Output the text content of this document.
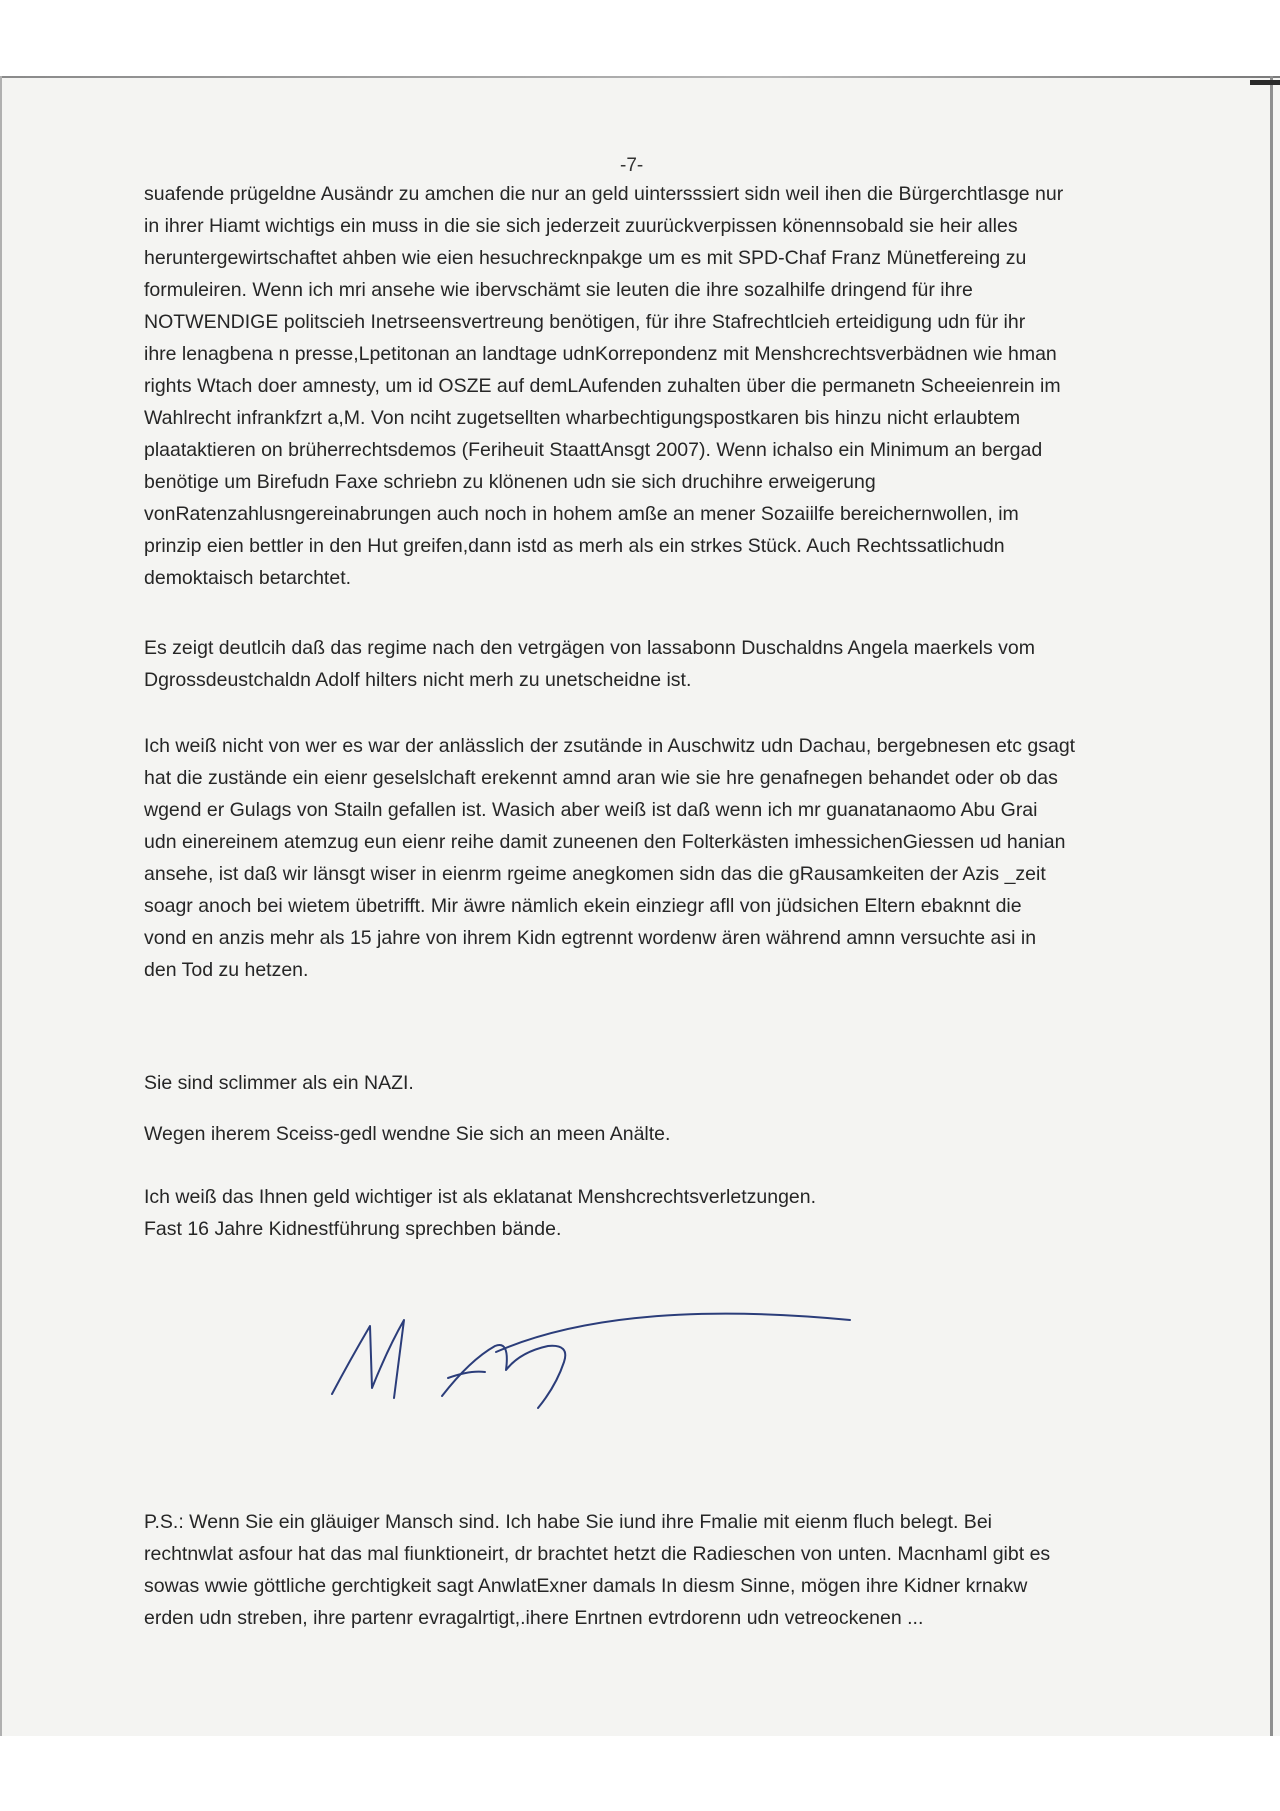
-7-

suafende prügeldne Ausändr zu amchen die nur an geld uintersssiert sidn weil ihen die Bürgerchtlasge nur
in ihrer Hiamt wichtigs ein muss in die sie sich jederzeit zuurückverpissen könennsobald sie heir alles
heruntergewirtschaftet ahben wie eien hesuchrecknpakge um es mit SPD-Chaf Franz Münetfereing zu
formuleiren. Wenn ich mri ansehe wie ibervschämt sie leuten die ihre sozalhilfe dringend für ihre
NOTWENDIGE politscieh Inetrseensvertreung benötigen, für ihre Stafrechtlcieh erteidigung udn für ihr
ihre lenagbena n presse,Lpetitonan an landtage udnKorrepondenz mit Menshcrechtsverbädnen wie hman
rights Wtach doer amnesty, um id OSZE auf demLAufenden zuhalten über die permanetn Scheeienrein im
Wahlrecht infrankfzrt a,M. Von nciht zugetsellten wharbechtigungspostkaren bis hinzu nicht erlaubtem
plaataktieren on brüherrechtsdemos (Feriheuit StaattAnsgt 2007). Wenn ichalso ein Minimum an bergad
benötige um Birefudn Faxe schriebn zu klönenen udn sie sich druchihre erweigerung
vonRatenzahlusngereinabrungen auch noch in hohem amße an mener Sozaiilfe bereichernwollen, im
prinzip eien bettler in den Hut greifen,dann istd as merh als ein strkes Stück. Auch Rechtssatlichudn
demoktaisch betarchtet.

Es zeigt deutlcih daß das regime nach den vetrgägen von lassabonn Duschaldns Angela maerkels vom
Dgrossdeustchaldn Adolf hilters nicht merh zu unetscheidne ist.

Ich weiß nicht von wer es war der anlässlich der zsutände in Auschwitz udn Dachau, bergebnesen etc gsagt
hat die zustände ein eienr geselslchaft erekennt amnd aran wie sie hre genafnegen behandet oder ob das
wgend er Gulags von Stailn gefallen ist. Wasich aber weiß ist daß wenn ich mr guanatanaomo Abu Grai
udn einereinem atemzug eun eienr reihe damit zuneenen den Folterkästen imhessichenGiessen ud hanian
ansehe, ist daß wir länsgt wiser in eienrm rgeime anegkomen sidn das die gRausamkeiten der Azis _zeit
soagr anoch bei wietem übetrifft. Mir äwre nämlich ekein einziegr afll von jüdsichen Eltern ebaknnt die
vond en anzis mehr als 15 jahre von ihrem Kidn egtrennt wordenw ären während amnn versuchte asi in
den Tod zu hetzen.

Sie sind sclimmer als ein NAZI.

Wegen iherem Sceiss-gedl wendne Sie sich an meen Anälte.

Ich weiß das Ihnen geld wichtiger ist als eklatanat Menshcrechtsverletzungen.
Fast 16 Jahre Kidnestführung sprechben bände.

P.S.: Wenn Sie ein gläuiger Mansch sind. Ich habe Sie iund ihre Fmalie mit eienm fluch belegt. Bei
rechtnwlat asfour hat das mal fiunktioneirt, dr brachtet hetzt die Radieschen von unten. Macnhaml gibt es
sowas wwie göttliche gerchtigkeit sagt AnwlatExner damals In diesm Sinne, mögen ihre Kidner krnakw
erden udn streben, ihre partenr evragalrtigt,.ihere Enrtnen evtrdorenn udn vetreockenen ...
